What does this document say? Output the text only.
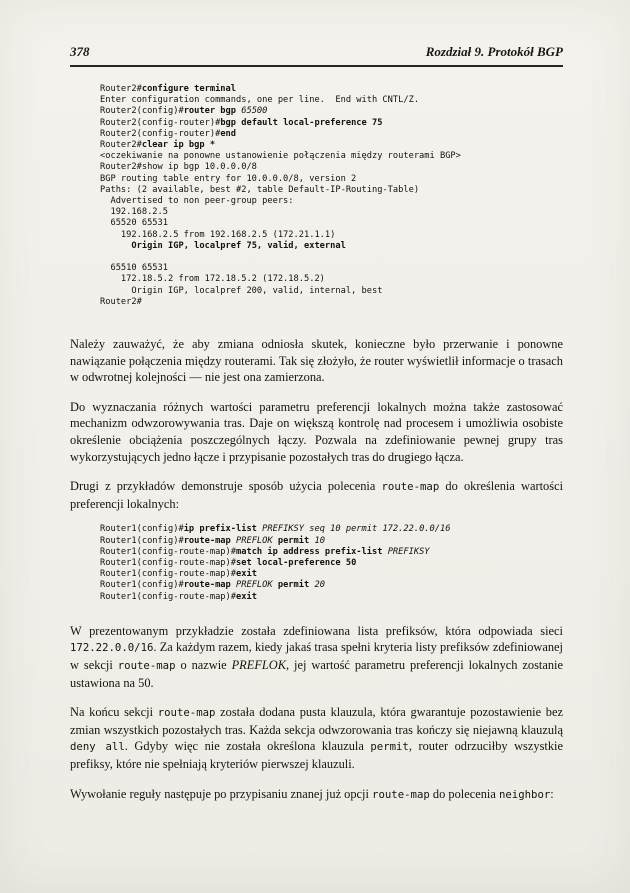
378	Rozdział 9. Protokół BGP
Router2#configure terminal
Enter configuration commands, one per line.  End with CNTL/Z.
Router2(config)#router bgp 65500
Router2(config-router)#bgp default local-preference 75
Router2(config-router)#end
Router2#clear ip bgp *
<oczekiwanie na ponowne ustanowienie połączenia między routerami BGP>
Router2#show ip bgp 10.0.0.0/8
BGP routing table entry for 10.0.0.0/8, version 2
Paths: (2 available, best #2, table Default-IP-Routing-Table)
Advertised to non peer-group peers:
192.168.2.5
65520 65531
192.168.2.5 from 192.168.2.5 (172.21.1.1)
Origin IGP, localpref 75, valid, external

65510 65531
172.18.5.2 from 172.18.5.2 (172.18.5.2)
Origin IGP, localpref 200, valid, internal, best
Router2#

Należy zauważyć, że aby zmiana odniosła skutek, konieczne było przerwanie i ponowne nawiązanie połączenia między routerami. Tak się złożyło, że router wyświetlił informacje o trasach w odwrotnej kolejności — nie jest ona zamierzona.

Do wyznaczania różnych wartości parametru preferencji lokalnych można także zastosować mechanizm odwzorowywania tras. Daje on większą kontrolę nad procesem i umożliwia osobiste określenie obciążenia poszczególnych łączy. Pozwala na zdefiniowanie pewnej grupy tras wykorzystujących jedno łącze i przypisanie pozostałych tras do drugiego łącza.

Drugi z przykładów demonstruje sposób użycia polecenia route-map do określenia wartości preferencji lokalnych:

Router1(config)#ip prefix-list PREFIKSY seq 10 permit 172.22.0.0/16
Router1(config)#route-map PREFLOK permit 10
Router1(config-route-map)#match ip address prefix-list PREFIKSY
Router1(config-route-map)#set local-preference 50
Router1(config-route-map)#exit
Router1(config)#route-map PREFLOK permit 20
Router1(config-route-map)#exit

W prezentowanym przykładzie została zdefiniowana lista prefiksów, która odpowiada sieci 172.22.0.0/16. Za każdym razem, kiedy jakaś trasa spełni kryteria listy prefiksów zdefiniowanej w sekcji route-map o nazwie PREFLOK, jej wartość parametru preferencji lokalnych zostanie ustawiona na 50.

Na końcu sekcji route-map została dodana pusta klauzula, która gwarantuje pozostawienie bez zmian wszystkich pozostałych tras. Każda sekcja odwzorowania tras kończy się niejawną klauzulą deny all. Gdyby więc nie została określona klauzula permit, router odrzuciłby wszystkie prefiksy, które nie spełniają kryteriów pierwszej klauzuli.

Wywołanie reguły następuje po przypisaniu znanej już opcji route-map do polecenia neighbor:
